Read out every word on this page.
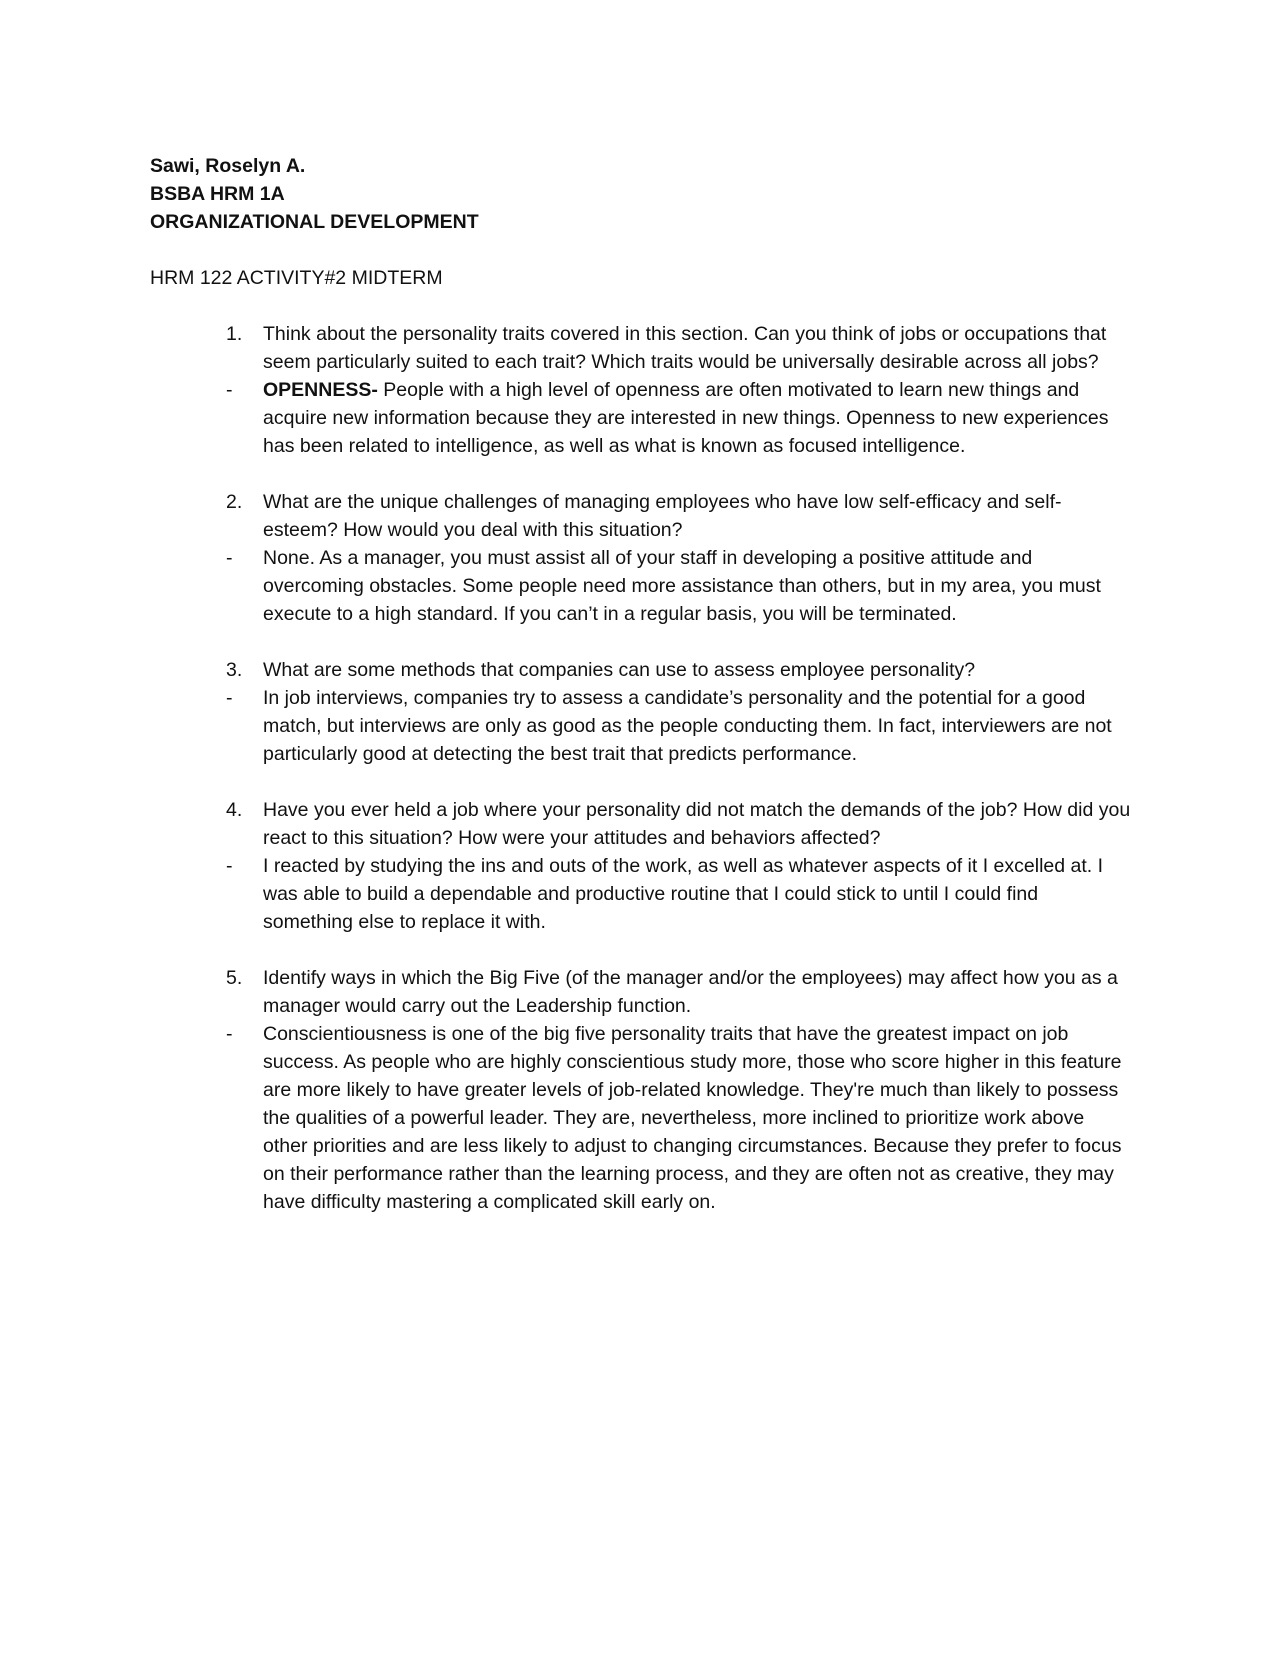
Sawi, Roselyn A.

BSBA HRM 1A

ORGANIZATIONAL DEVELOPMENT

HRM 122 ACTIVITY#2 MIDTERM

1.	Think about the personality traits covered in this section. Can you think of jobs or occupations that seem particularly suited to each trait? Which traits would be universally desirable across all jobs?
-	OPENNESS- People with a high level of openness are often motivated to learn new things and acquire new information because they are interested in new things. Openness to new experiences has been related to intelligence, as well as what is known as focused intelligence.
2.	What are the unique challenges of managing employees who have low self-efficacy and self-esteem? How would you deal with this situation?
-	None. As a manager, you must assist all of your staff in developing a positive attitude and overcoming obstacles. Some people need more assistance than others, but in my area, you must execute to a high standard. If you can’t in a regular basis, you will be terminated.
3.	What are some methods that companies can use to assess employee personality?
-	In job interviews, companies try to assess a candidate’s personality and the potential for a good match, but interviews are only as good as the people conducting them. In fact, interviewers are not particularly good at detecting the best trait that predicts performance.
4.	Have you ever held a job where your personality did not match the demands of the job? How did you react to this situation? How were your attitudes and behaviors affected?
-	I reacted by studying the ins and outs of the work, as well as whatever aspects of it I excelled at. I was able to build a dependable and productive routine that I could stick to until I could find something else to replace it with.
5.	Identify ways in which the Big Five (of the manager and/or the employees) may affect how you as a manager would carry out the Leadership function.
-	Conscientiousness is one of the big five personality traits that have the greatest impact on job success. As people who are highly conscientious study more, those who score higher in this feature are more likely to have greater levels of job-related knowledge. They're much than likely to possess the qualities of a powerful leader. They are, nevertheless, more inclined to prioritize work above other priorities and are less likely to adjust to changing circumstances. Because they prefer to focus on their performance rather than the learning process, and they are often not as creative, they may have difficulty mastering a complicated skill early on.
